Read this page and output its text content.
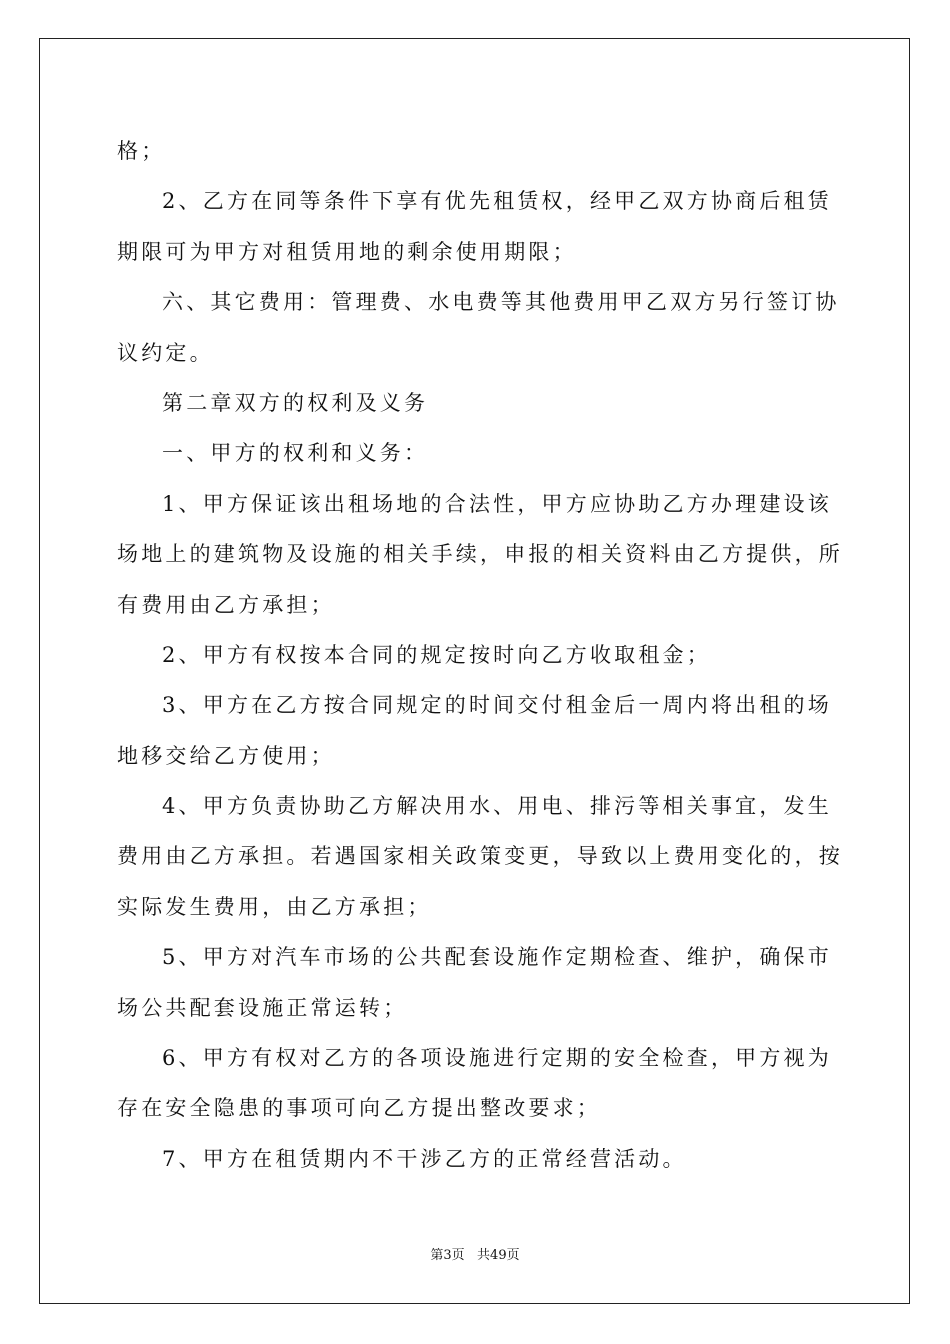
格；
2、乙方在同等条件下享有优先租赁权，经甲乙双方协商后租赁
期限可为甲方对租赁用地的剩余使用期限；
六、其它费用：管理费、水电费等其他费用甲乙双方另行签订协
议约定。
第二章双方的权利及义务
一、甲方的权利和义务：
1、甲方保证该出租场地的合法性，甲方应协助乙方办理建设该
场地上的建筑物及设施的相关手续，申报的相关资料由乙方提供，所
有费用由乙方承担；
2、甲方有权按本合同的规定按时向乙方收取租金；
3、甲方在乙方按合同规定的时间交付租金后一周内将出租的场
地移交给乙方使用；
4、甲方负责协助乙方解决用水、用电、排污等相关事宜，发生
费用由乙方承担。若遇国家相关政策变更，导致以上费用变化的，按
实际发生费用，由乙方承担；
5、甲方对汽车市场的公共配套设施作定期检查、维护，确保市
场公共配套设施正常运转；
6、甲方有权对乙方的各项设施进行定期的安全检查，甲方视为
存在安全隐患的事项可向乙方提出整改要求；
7、甲方在租赁期内不干涉乙方的正常经营活动。
第3页   共49页
